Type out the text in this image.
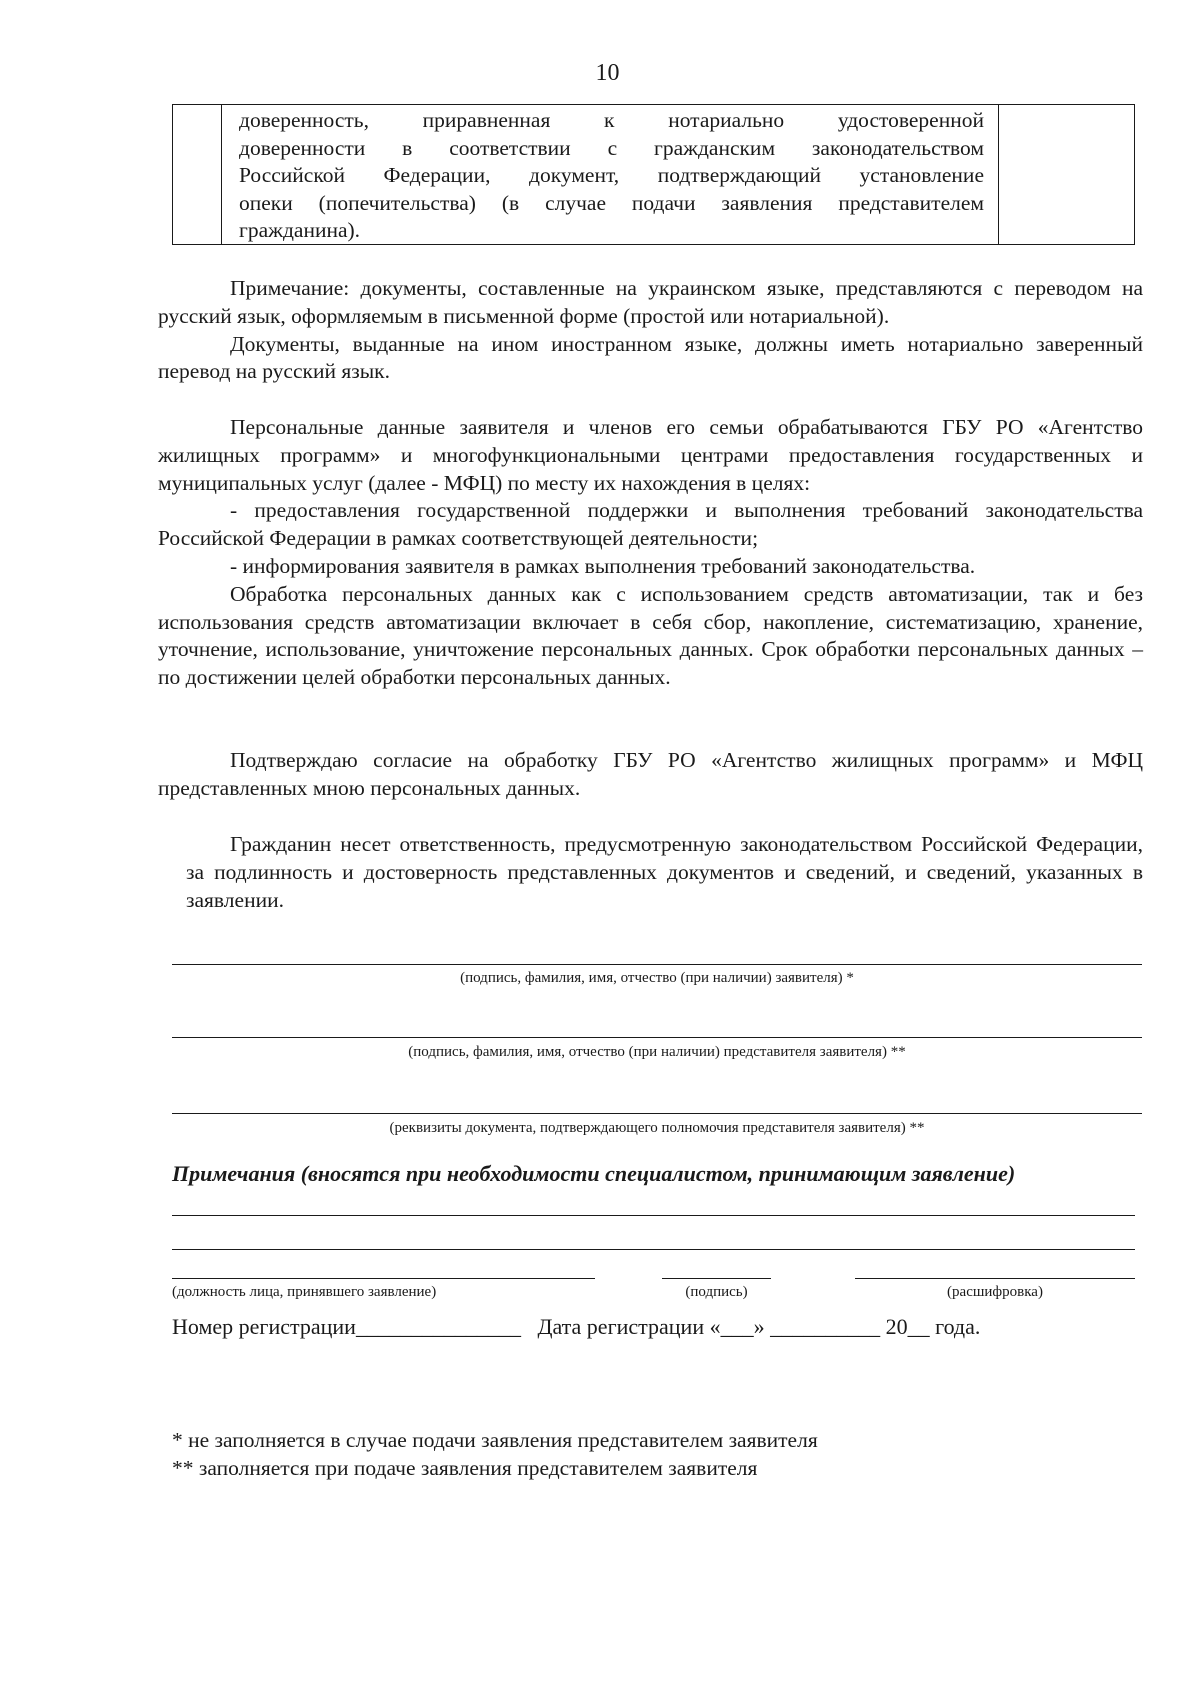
10
доверенность, приравненная к нотариально удостоверенной
доверенности в соответствии с гражданским законодательством
Российской Федерации, документ, подтверждающий установление
опеки (попечительства) (в случае подачи заявления представителем
гражданина).

Примечание: документы, составленные на украинском языке, представляются с переводом на русский язык, оформляемым в письменной форме (простой или нотариальной).

Документы, выданные на ином иностранном языке, должны иметь нотариально заверенный перевод на русский язык.

Персональные данные заявителя и членов его семьи обрабатываются ГБУ РО «Агентство жилищных программ» и многофункциональными центрами предоставления государственных и муниципальных услуг (далее - МФЦ) по месту их нахождения в целях:

- предоставления государственной поддержки и выполнения требований законодательства Российской Федерации в рамках соответствующей деятельности;

- информирования заявителя в рамках выполнения требований законодательства.

Обработка персональных данных как с использованием средств автоматизации, так и без использования средств автоматизации включает в себя сбор, накопление, систематизацию, хранение, уточнение, использование, уничтожение персональных данных. Срок обработки персональных данных – по достижении целей обработки персональных данных.

Подтверждаю согласие на обработку ГБУ РО «Агентство жилищных программ» и МФЦ представленных мною персональных данных.

Гражданин несет ответственность, предусмотренную законодательством Российской Федерации, за подлинность и достоверность представленных документов и сведений, и сведений, указанных в заявлении.

(подпись, фамилия, имя, отчество (при наличии) заявителя) *
(подпись, фамилия, имя, отчество (при наличии) представителя заявителя) **
(реквизиты документа, подтверждающего полномочия представителя заявителя) **
Примечания (вносятся при необходимости специалистом, принимающим заявление)
(должность лица, принявшего заявление)	(подпись)	(расшифровка)
Номер регистрации_______________   Дата регистрации «___» __________ 20__ года.
* не заполняется в случае подачи заявления представителем заявителя
** заполняется при подаче заявления представителем заявителя
